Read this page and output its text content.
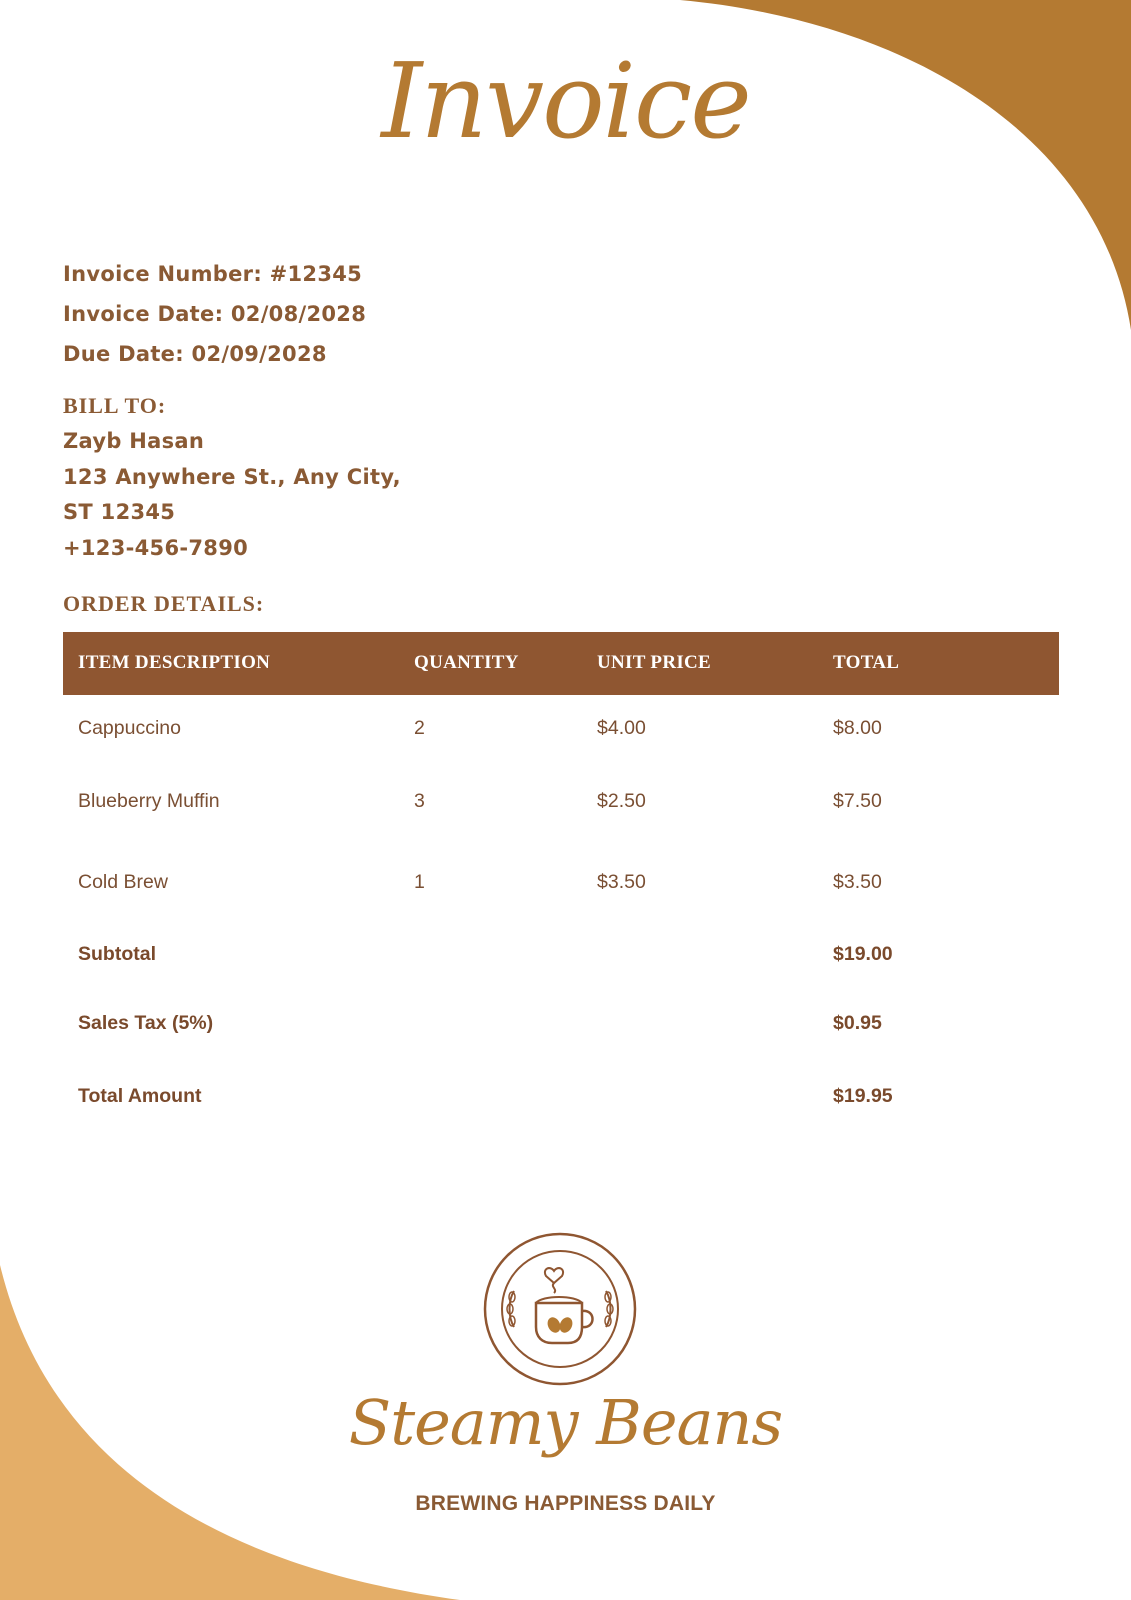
Invoice
Invoice Number: #12345
Invoice Date: 02/08/2028
Due Date: 02/09/2028
BILL TO:
Zayb Hasan
123 Anywhere St., Any City,
ST 12345
+123-456-7890
ORDER DETAILS:
ITEM DESCRIPTION	QUANTITY	UNIT PRICE	TOTAL
Cappuccino	2	$4.00	$8.00
Blueberry Muffin	3	$2.50	$7.50
Cold Brew	1	$3.50	$3.50
Subtotal	$19.00
Sales Tax (5%)	$0.95
Total Amount	$19.95
Steamy Beans
BREWING HAPPINESS DAILY
